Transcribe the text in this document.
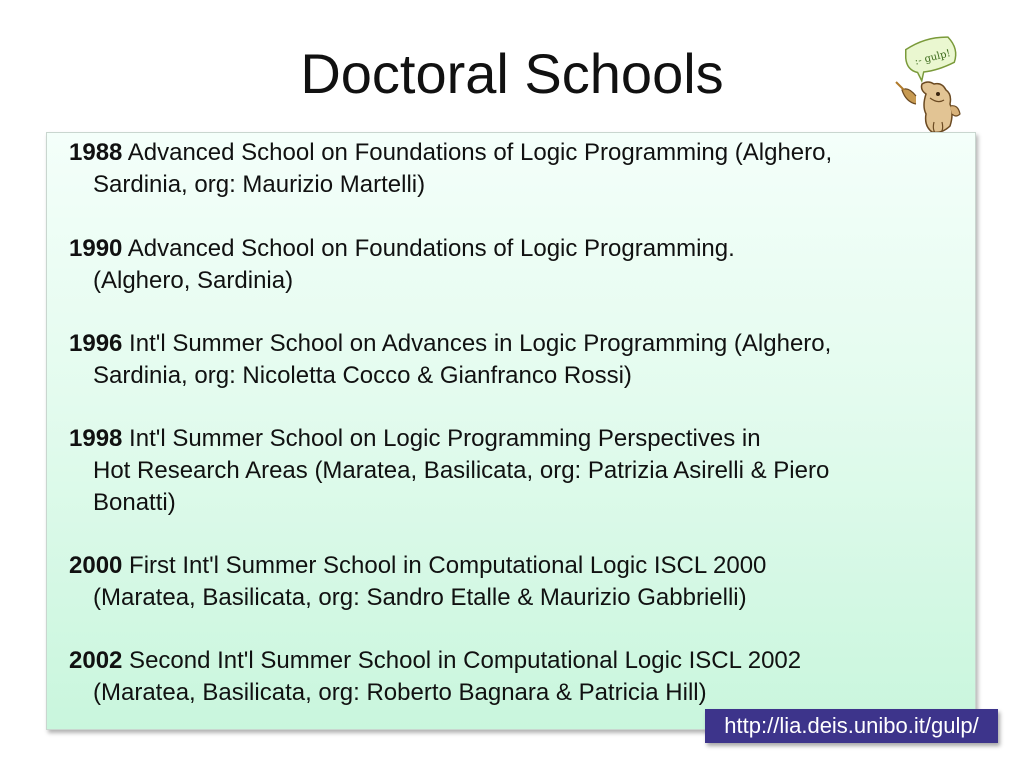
Doctoral Schools	:- gulp!
1988 Advanced School on Foundations of Logic Programming (Alghero,
Sardinia, org: Maurizio Martelli)
1990 Advanced School on Foundations of Logic Programming.
(Alghero, Sardinia)
1996 Int'l Summer School on Advances in Logic Programming (Alghero,
Sardinia, org: Nicoletta Cocco & Gianfranco Rossi)
1998 Int'l Summer School on Logic Programming Perspectives in
Hot Research Areas (Maratea, Basilicata, org: Patrizia Asirelli & Piero
Bonatti)
2000 First Int'l Summer School in Computational Logic ISCL 2000
(Maratea, Basilicata, org: Sandro Etalle & Maurizio Gabbrielli)
2002 Second Int'l Summer School in Computational Logic ISCL 2002
(Maratea, Basilicata, org: Roberto Bagnara & Patricia Hill)
http://lia.deis.unibo.it/gulp/
